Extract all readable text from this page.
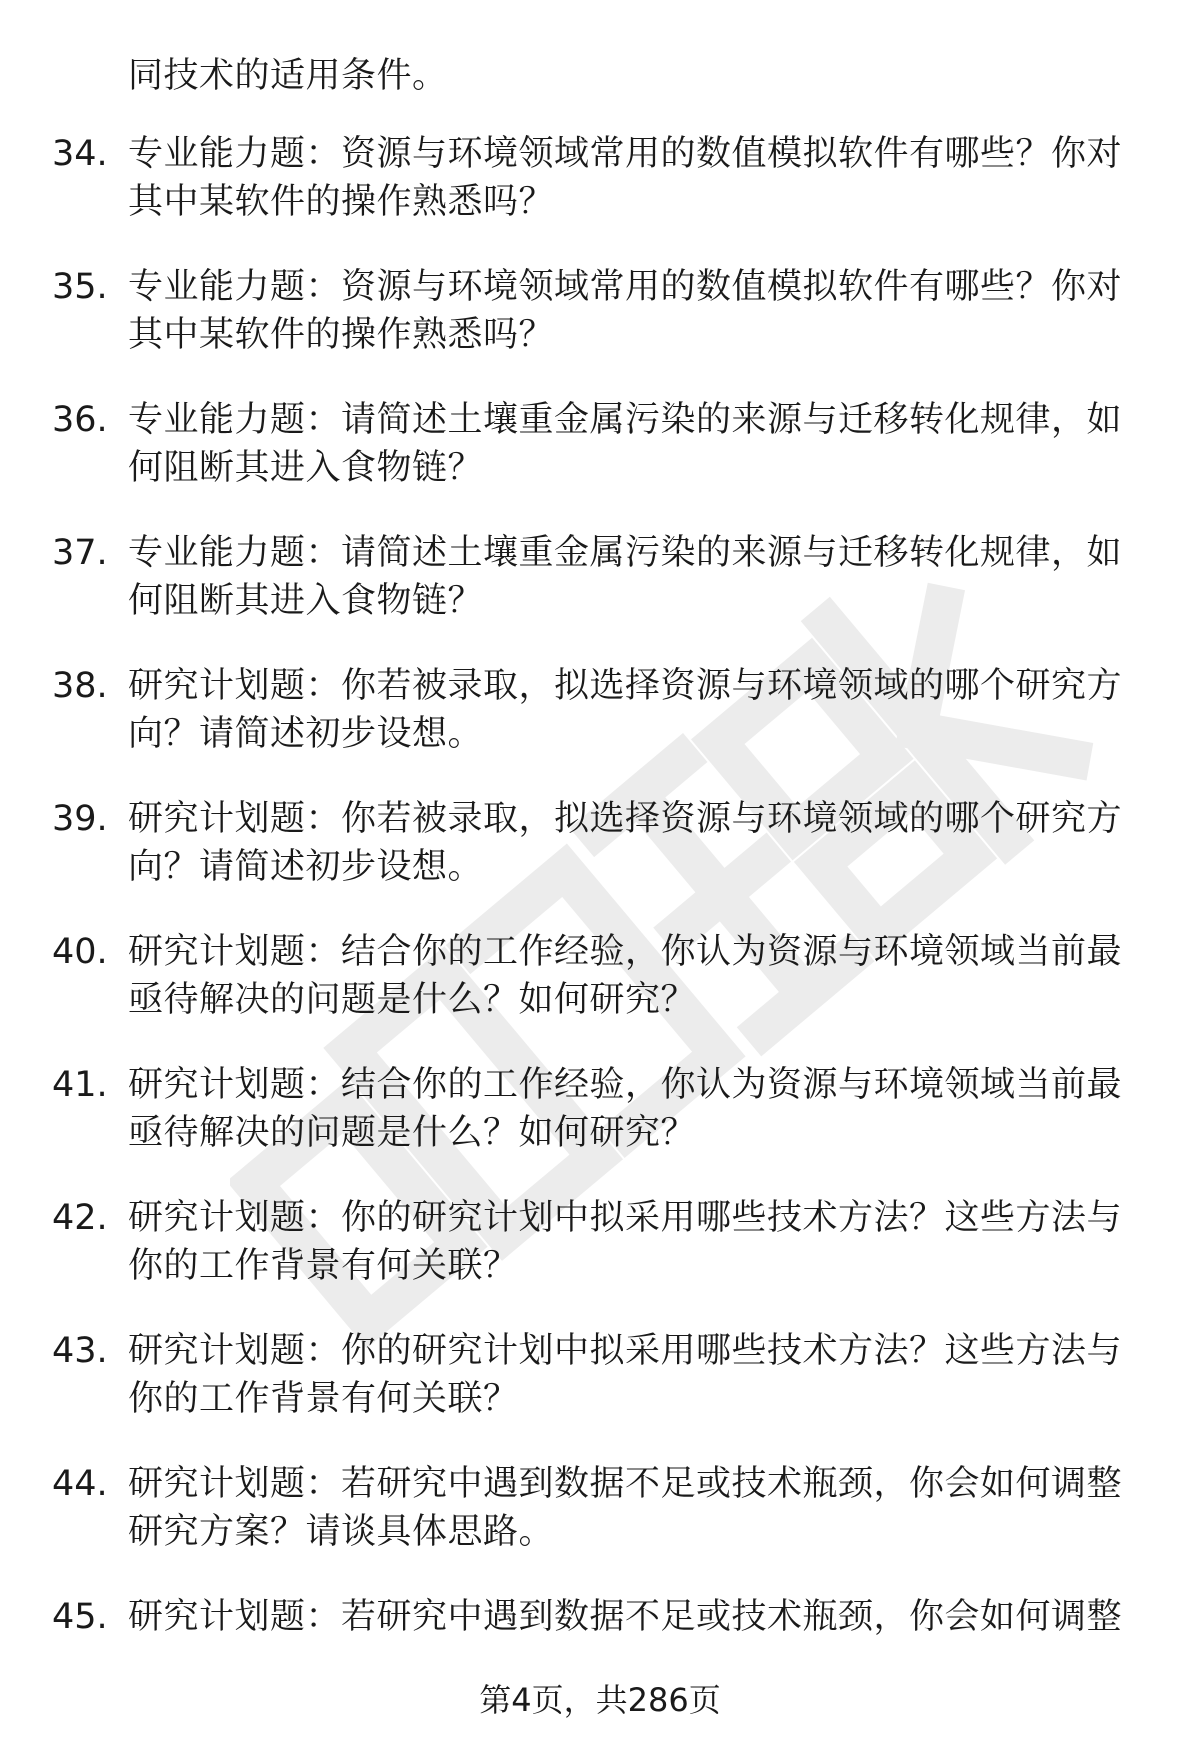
同技术的适用条件。
34. 专业能力题：资源与环境领域常用的数值模拟软件有哪些？你对
其中某软件的操作熟悉吗？
35. 专业能力题：资源与环境领域常用的数值模拟软件有哪些？你对
其中某软件的操作熟悉吗？
36. 专业能力题：请简述土壤重金属污染的来源与迁移转化规律，如
何阻断其进入食物链？
37. 专业能力题：请简述土壤重金属污染的来源与迁移转化规律，如
何阻断其进入食物链？
38. 研究计划题：你若被录取，拟选择资源与环境领域的哪个研究方
向？请简述初步设想。
39. 研究计划题：你若被录取，拟选择资源与环境领域的哪个研究方
向？请简述初步设想。
40. 研究计划题：结合你的工作经验，你认为资源与环境领域当前最
亟待解决的问题是什么？如何研究？
41. 研究计划题：结合你的工作经验，你认为资源与环境领域当前最
亟待解决的问题是什么？如何研究？
42. 研究计划题：你的研究计划中拟采用哪些技术方法？这些方法与
你的工作背景有何关联？
43. 研究计划题：你的研究计划中拟采用哪些技术方法？这些方法与
你的工作背景有何关联？
44. 研究计划题：若研究中遇到数据不足或技术瓶颈，你会如何调整
研究方案？请谈具体思路。
45. 研究计划题：若研究中遇到数据不足或技术瓶颈，你会如何调整
第4页，共286页
